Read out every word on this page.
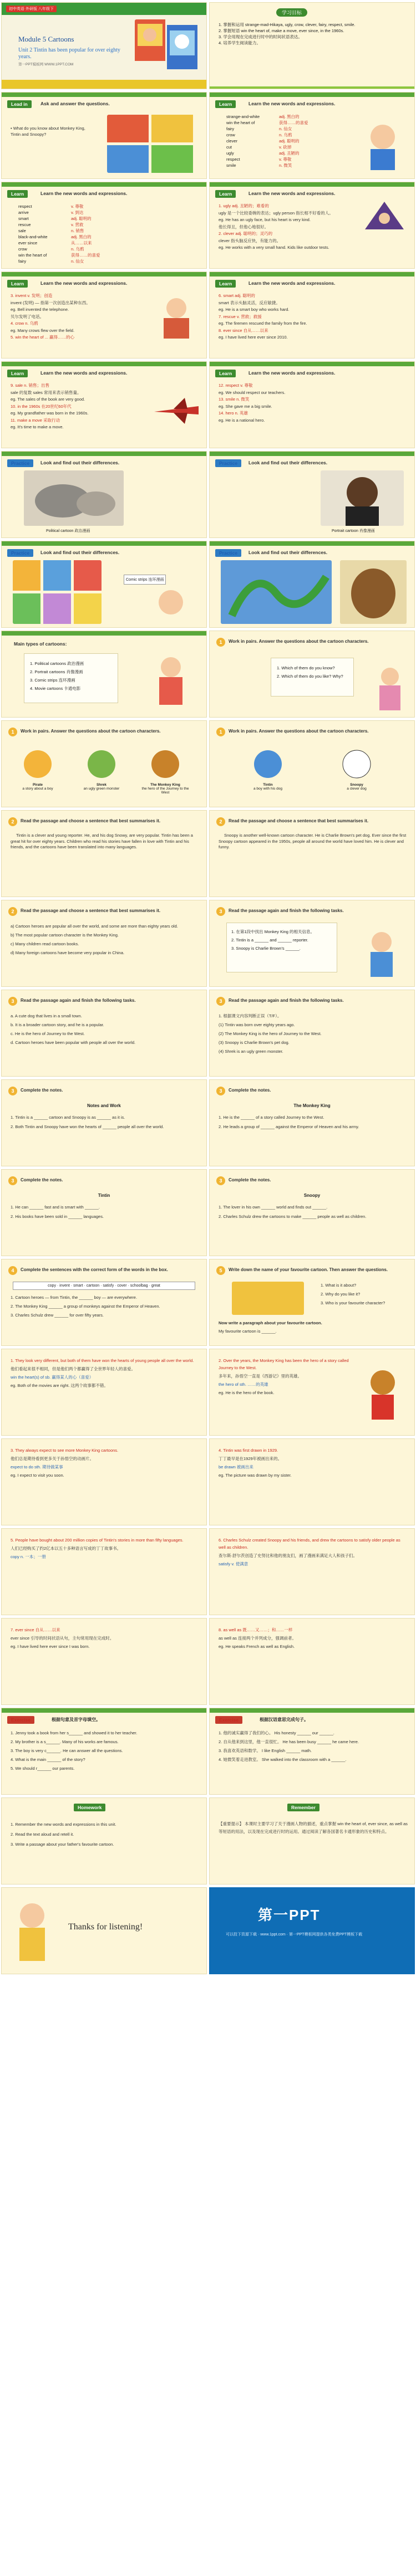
初中英语 外研版 八年级下
Module 5 Cartoons
Unit 2 Tintin has been popular for over eighty years.
第一PPT模板网 WWW.1PPT.COM
学习目标

1. 掌握和运用 strange-mad-Hikaya, ugly, crow, clever, fairy, respect, smile.

2. 掌握短语 win the heart of, make a move, ever since, in the 1960s.

3. 学会用现在完成进行时中的时间状语表达。

4. 培养学生阅读能力。

Lead in	Ask and answer the questions.
• What do you know about Monkey King, Tintin and Snoopy?
Learn	Learn the new words and expressions.
strange-and-white	adj. 黑白的
win the heart of	获得……的喜爱
fairy	n. 仙女
crow	n. 乌鸦
clever	adj. 聪明的
cut	v. 砍掉
ugly	adj. 丑陋的
respect	v. 尊敬
smile	n. 微笑
Learn	Learn the new words and expressions.
respect	v. 尊敬
arrive	v. 到达
smart	adj. 聪明的
rescue	v. 营救
sale	n. 销售
black-and-white	adj. 黑白的
ever since	从……以来
crow	n. 乌鸦
win the heart of	获得……的喜爱
fairy	n. 仙女
Learn	Learn the new words and expressions.

1. ugly adj. 丑陋的；难看的

ugly 是一个比较委婉的表达；ugly person 指长相不好看的人。

eg. He has an ugly face, but his heart is very kind.

他长得丑，但他心地很好。

2. clever adj. 聪明的；灵巧的

clever 指头脑反应快，有能力的。

eg. He works with a very small hand. Kids like outdoor tests.

Learn	Learn the new words and expressions.

3. invent v. 发明；创造

invent (发明) — 指第一次创造出某种东西。

eg. Bell invented the telephone.

贝尔发明了电话。

4. crow n. 乌鸦

eg. Many crows flew over the field.

5. win the heart of ... 赢得……的心

Learn	Learn the new words and expressions.

6. smart adj. 聪明的

smart 表示头脑灵活，反应敏捷。

eg. He is a smart boy who works hard.

7. rescue v. 营救；救援

eg. The firemen rescued the family from the fire.

8. ever since 自从……以来

eg. I have lived here ever since 2010.

Learn	Learn the new words and expressions.

9. sale n. 销售；出售

sale 的复数 sales 常用来表示销售量。

eg. The sales of the book are very good.

10. in the 1960s 在20世纪60年代

eg. My grandfather was born in the 1960s.

11. make a move 采取行动

eg. It's time to make a move.

Learn	Learn the new words and expressions.

12. respect v. 尊敬

eg. We should respect our teachers.

13. smile n. 微笑

eg. She gave me a big smile.

14. hero n. 英雄

eg. He is a national hero.

Practice	Look and find out their differences.
Political cartoon 政治漫画
Practice	Look and find out their differences.
Portrait cartoon 肖像漫画
Practice	Look and find out their differences.
Comic strips 连环漫画
Practice	Look and find out their differences.
Main types of cartoons:

1. Political cartoons 政治漫画

2. Portrait cartoons 肖像漫画

3. Comic strips 连环漫画

4. Movie cartoons 卡通电影

1	Work in pairs. Answer the questions about the cartoon characters.

1. Which of them do you know?

2. Which of them do you like? Why?

1	Work in pairs. Answer the questions about the cartoon characters.
Pirate
a story about a boy
Shrek
an ugly green monster
The Monkey King
the hero of the Journey to the West
1	Work in pairs. Answer the questions about the cartoon characters.
Tintin
a boy with his dog
Snoopy
a clever dog
2	Read the passage and choose a sentence that best summarises it.
Tintin is a clever and young reporter. He, and his dog Snowy, are very popular. Tintin has been a great hit for over eighty years. Children who read his stories have fallen in love with Tintin and his friends, and the cartoons have been translated into many languages.
2	Read the passage and choose a sentence that best summarises it.
Snoopy is another well-known cartoon character. He is Charlie Brown's pet dog. Ever since the first Snoopy cartoon appeared in the 1950s, people all around the world have loved him. He is clever and funny.
2	Read the passage and choose a sentence that best summarises it.

a) Cartoon heroes are popular all over the world, and some are more than eighty years old.

b) The most popular cartoon character is the Monkey King.

c) Many children read cartoon books.

d) Many foreign cartoons have become very popular in China.

3	Read the passage again and finish the following tasks.

1. 在第1段中找出 Monkey King 的相关信息。

2. Tintin is a ______ and ______ reporter.

3. Snoopy is Charlie Brown's ______.

3	Read the passage again and finish the following tasks.

a. A cute dog that lives in a small town.

b. It is a broader cartoon story, and he is a popular.

c. He is the hero of Journey to the West.

d. Cartoon heroes have been popular with people all over the world.

3	Read the passage again and finish the following tasks.

1. 根据课文内容判断正误（T/F）。

(1) Tintin was born over eighty years ago.

(2) The Monkey King is the hero of Journey to the West.

(3) Snoopy is Charlie Brown's pet dog.

(4) Shrek is an ugly green monster.

3	Complete the notes.
Notes and Work

1. Tintin is a ______ cartoon and Snoopy is as ______ as it is.

2. Both Tintin and Snoopy have won the hearts of ______ people all over the world.

3	Complete the notes.
The Monkey King

1. He is the ______ of a story called Journey to the West.

2. He leads a group of ______ against the Emperor of Heaven and his army.

3	Complete the notes.
Tintin

1. He can ______ fast and is smart with ______.

2. His books have been sold in ______ languages.

3	Complete the notes.
Snoopy

1. The lover in his own ______ world and finds out ______.

2. Charles Schulz drew the cartoons to make ______ people as well as children.

4	Complete the sentences with the correct form of the words in the box.
copy · invent · smart · cartoon · satisfy · cover · schoolbag · great

1. Cartoon heroes — from Tintin, the ______ boy — are everywhere.

2. The Monkey King ______ a group of monkeys against the Emperor of Heaven.

3. Charles Schulz drew ______ for over fifty years.

5	Write down the name of your favourite cartoon. Then answer the questions.

1. What is it about?

2. Why do you like it?

3. Who is your favourite character?

Now write a paragraph about your favourite cartoon.
My favourite cartoon is ______.

1. They look very different, but both of them have won the hearts of young people all over the world.

他们看起来很不相同，但是他们两个都赢得了全世界年轻人的喜爱。

win the heart(s) of sb. 赢得某人的心（喜爱）

eg. Both of the movies are right. 这两个故事都不错。

2. Over the years, the Monkey King has been the hero of a story called Journey to the West.

多年来，孙悟空一直是《西游记》里的英雄。

the hero of sth. ……的英雄

eg. He is the hero of the book.

3. They always expect to see more Monkey King cartoons.

他们总是期待看到更多关于孙悟空的动画片。

expect to do sth. 期待做某事

eg. I expect to visit you soon.

4. Tintin was first drawn in 1929.

丁丁最早是在1929年被画出来的。

be drawn 被画出来

eg. The picture was drawn by my sister.

5. People have bought about 200 million copies of Tintin's stories in more than fifty languages.

人们已经购买了约2亿本以五十多种语言写成的丁丁故事书。

copy n. 一本；一册

6. Charles Schulz created Snoopy and his friends, and drew the cartoons to satisfy older people as well as children.

查尔斯·舒尔茨创造了史努比和他的朋友们，画了漫画来满足大人和孩子们。

satisfy v. 使满意

7. ever since 自从……以来

ever since 引导的时间状语从句，主句常用现在完成时。

eg. I have lived here ever since I was born.

8. as well as 既……又……；和……一样

as well as 连接两个并列成分，强调前者。

eg. He speaks French as well as English.

Exercise	根据句意及首字母填空。

1. Jenny took a book from her s______ and showed it to her teacher.

2. My brother is a s______. Many of his works are famous.

3. The boy is very c______. He can answer all the questions.

4. What is the main ______ of the story?

5. We should r______ our parents.

Exercise	根据汉语意思完成句子。

1. 他的诚实赢得了我们的心。 His honesty ______ our ______.

2. 自从他来到这里，他一直很忙。 He has been busy ______ he came here.

3. 我喜欢英语和数学。 I like English ______ math.

4. 她微笑着走进教室。 She walked into the classroom with a ______.

Homework

1. Remember the new words and expressions in this unit.

2. Read the text aloud and retell it.

3. Write a passage about your father's favourite cartoon.

Remember
【重要提示】 本课时主要学习了关于漫画人物的描述，重点掌握 win the heart of, ever since, as well as 等短语的用法，以及现在完成进行时的运用。通过阅读了解各国著名卡通形象的历史和特点。
Thanks for listening!
第一PPT
可以投下资源下载 · www.1ppt.com · 第一PPT模板网提供各类免费PPT模板下载
